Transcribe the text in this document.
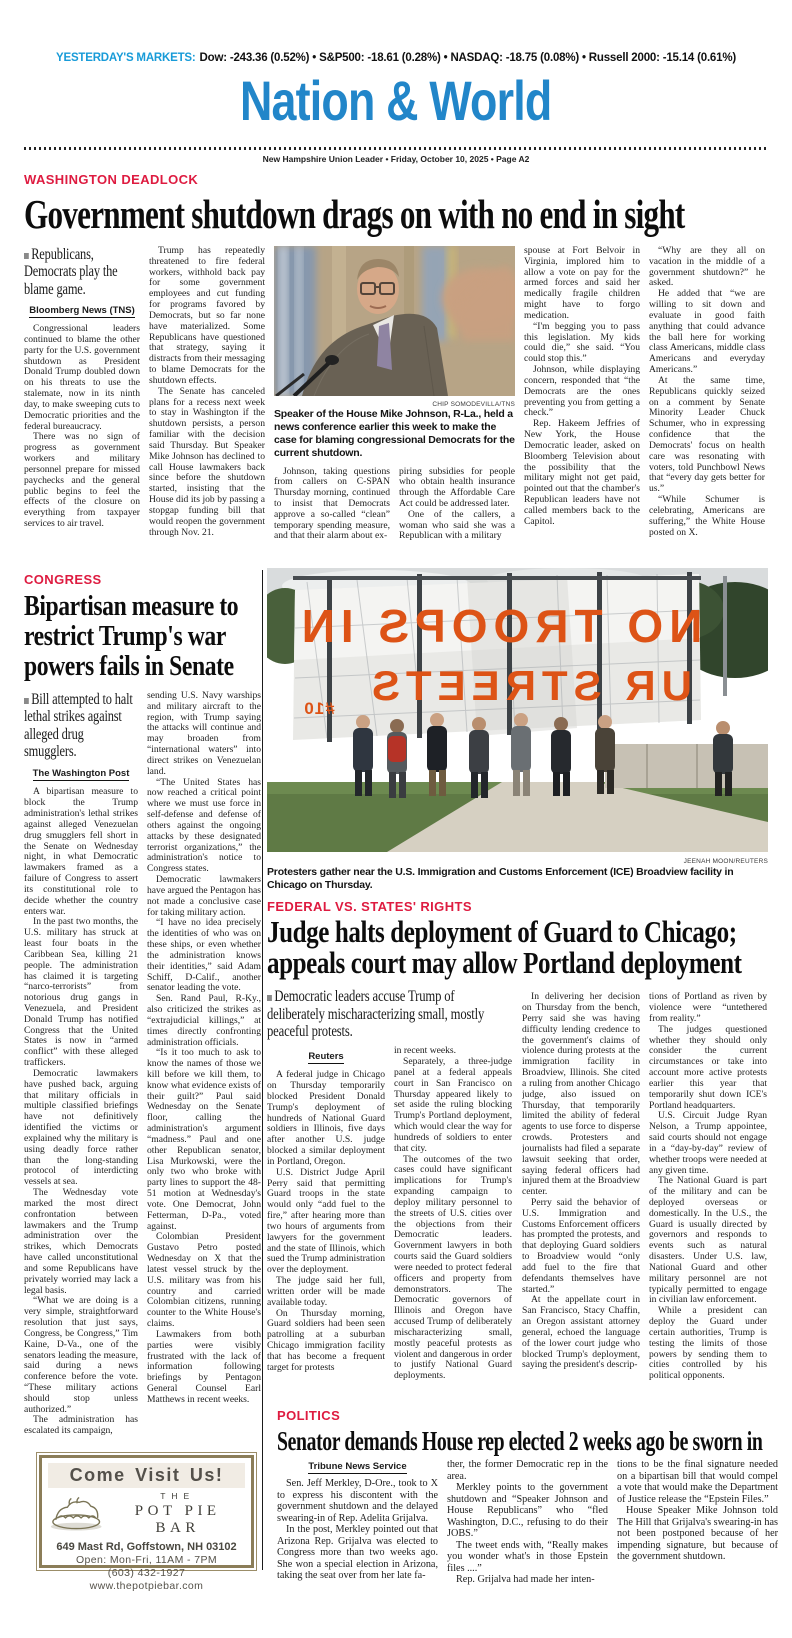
YESTERDAY'S MARKETS: Dow: -243.36 (0.52%) • S&P500: -18.61 (0.28%) • NASDAQ: -18.75 (0.08%) • Russell 2000: -15.14 (0.61%)
Nation & World
New Hampshire Union Leader • Friday, October 10, 2025 • Page A2
WASHINGTON DEADLOCK
Government shutdown drags on with no end in sight
Republicans, Democrats play the blame game.
Bloomberg News (TNS)

Congressional leaders continued to blame the other party for the U.S. government shutdown as President Donald Trump doubled down on his threats to use the stalemate, now in its ninth day, to make sweeping cuts to Democratic priorities and the federal bureaucracy.

There was no sign of progress as government workers and military personnel prepare for missed paychecks and the general public begins to feel the effects of the closure on everything from taxpayer services to air travel.

Trump has repeatedly threatened to fire federal workers, withhold back pay for some government employees and cut funding for programs favored by Democrats, but so far none have materialized. Some Republicans have questioned that strategy, saying it distracts from their messaging to blame Democrats for the shutdown effects.

The Senate has canceled plans for a recess next week to stay in Washington if the shutdown persists, a person familiar with the decision said Thursday. But Speaker Mike Johnson has declined to call House lawmakers back since before the shutdown started, insisting that the House did its job by passing a stopgap funding bill that would reopen the government through Nov. 21.

CHIP SOMODEVILLA/TNS
Speaker of the House Mike Johnson, R-La., held a news conference earlier this week to make the case for blaming congressional Democrats for the current shutdown.

Johnson, taking questions from callers on C-SPAN Thursday morning, continued to insist that Democrats approve a so-called “clean” temporary spending measure, and that their alarm about ex-

piring subsidies for people who obtain health insurance through the Affordable Care Act could be addressed later.

One of the callers, a woman who said she was a Republican with a military

spouse at Fort Belvoir in Virginia, implored him to allow a vote on pay for the armed forces and said her medically fragile children might have to forgo medication.

“I'm begging you to pass this legislation. My kids could die,” she said. “You could stop this.”

Johnson, while displaying concern, responded that “the Democrats are the ones preventing you from getting a check.”

Rep. Hakeem Jeffries of New York, the House Democratic leader, asked on Bloomberg Television about the possibility that the military might not get paid, pointed out that the chamber's Republican leaders have not called members back to the Capitol.

“Why are they all on vacation in the middle of a government shutdown?” he asked.

He added that “we are willing to sit down and evaluate in good faith anything that could advance the ball here for working class Americans, middle class Americans and everyday Americans.”

At the same time, Republicans quickly seized on a comment by Senate Minority Leader Chuck Schumer, who in expressing confidence that the Democrats' focus on health care was resonating with voters, told Punchbowl News that “every day gets better for us.”

“While Schumer is celebrating, Americans are suffering,” the White House posted on X.

CONGRESS
Bipartisan measure to restrict Trump's war powers fails in Senate
Bill attempted to halt lethal strikes against alleged drug smugglers.
The Washington Post

A bipartisan measure to block the Trump administration's lethal strikes against alleged Venezuelan drug smugglers fell short in the Senate on Wednesday night, in what Democratic lawmakers framed as a failure of Congress to assert its constitutional role to decide whether the country enters war.

In the past two months, the U.S. military has struck at least four boats in the Caribbean Sea, killing 21 people. The administration has claimed it is targeting “narco-terrorists” from notorious drug gangs in Venezuela, and President Donald Trump has notified Congress that the United States is now in “armed conflict” with these alleged traffickers.

Democratic lawmakers have pushed back, arguing that military officials in multiple classified briefings have not definitively identified the victims or explained why the military is using deadly force rather than the long-standing protocol of interdicting vessels at sea.

The Wednesday vote marked the most direct confrontation between lawmakers and the Trump administration over the strikes, which Democrats have called unconstitutional and some Republicans have privately worried may lack a legal basis.

“What we are doing is a very simple, straightforward resolution that just says, Congress, be Congress,” Tim Kaine, D-Va., one of the senators leading the measure, said during a news conference before the vote. “These military actions should stop unless authorized.”

The administration has escalated its campaign,

sending U.S. Navy warships and military aircraft to the region, with Trump saying the attacks will continue and may broaden from “international waters” into direct strikes on Venezuelan land.

“The United States has now reached a critical point where we must use force in self-defense and defense of others against the ongoing attacks by these designated terrorist organizations,” the administration's notice to Congress states.

Democratic lawmakers have argued the Pentagon has not made a conclusive case for taking military action.

“I have no idea precisely the identities of who was on these ships, or even whether the administration knows their identities,” said Adam Schiff, D-Calif., another senator leading the vote.

Sen. Rand Paul, R-Ky., also criticized the strikes as “extrajudicial killings,” at times directly confronting administration officials.

“Is it too much to ask to know the names of those we kill before we kill them, to know what evidence exists of their guilt?” Paul said Wednesday on the Senate floor, calling the administration's argument “madness.” Paul and one other Republican senator, Lisa Murkowski, were the only two who broke with party lines to support the 48-51 motion at Wednesday's vote. One Democrat, John Fetterman, D-Pa., voted against.

Colombian President Gustavo Petro posted Wednesday on X that the latest vessel struck by the U.S. military was from his country and carried Colombian citizens, running counter to the White House's claims.

Lawmakers from both parties were visibly frustrated with the lack of information following briefings by Pentagon General Counsel Earl Matthews in recent weeks.

NO TROOPS IN
UR STREETS
#10
JEENAH MOON/REUTERS
Protesters gather near the U.S. Immigration and Customs Enforcement (ICE) Broadview facility in Chicago on Thursday.
FEDERAL VS. STATES' RIGHTS
Judge halts deployment of Guard to Chicago; appeals court may allow Portland deployment
Democratic leaders accuse Trump of deliberately mischaracterizing small, mostly peaceful protests.
Reuters

A federal judge in Chicago on Thursday temporarily blocked President Donald Trump's deployment of hundreds of National Guard soldiers in Illinois, five days after another U.S. judge blocked a similar deployment in Portland, Oregon.

U.S. District Judge April Perry said that permitting Guard troops in the state would only “add fuel to the fire,” after hearing more than two hours of arguments from lawyers for the government and the state of Illinois, which sued the Trump administration over the deployment.

The judge said her full, written order will be made available today.

On Thursday morning, Guard soldiers had been seen patrolling at a suburban Chicago immigration facility that has become a frequent target for protests

in recent weeks.

Separately, a three-judge panel at a federal appeals court in San Francisco on Thursday appeared likely to set aside the ruling blocking Trump's Portland deployment, which would clear the way for hundreds of soldiers to enter that city.

The outcomes of the two cases could have significant implications for Trump's expanding campaign to deploy military personnel to the streets of U.S. cities over the objections from their Democratic leaders. Government lawyers in both courts said the Guard soldiers were needed to protect federal officers and property from demonstrators. The Democratic governors of Illinois and Oregon have accused Trump of deliberately mischaracterizing small, mostly peaceful protests as violent and dangerous in order to justify National Guard deployments.

In delivering her decision on Thursday from the bench, Perry said she was having difficulty lending credence to the government's claims of violence during protests at the immigration facility in Broadview, Illinois. She cited a ruling from another Chicago judge, also issued on Thursday, that temporarily limited the ability of federal agents to use force to disperse crowds. Protesters and journalists had filed a separate lawsuit seeking that order, saying federal officers had injured them at the Broadview center.

Perry said the behavior of U.S. Immigration and Customs Enforcement officers has prompted the protests, and that deploying Guard soldiers to Broadview would “only add fuel to the fire that defendants themselves have started.”

At the appellate court in San Francisco, Stacy Chaffin, an Oregon assistant attorney general, echoed the language of the lower court judge who blocked Trump's deployment, saying the president's descrip-

tions of Portland as riven by violence were “untethered from reality.”

The judges questioned whether they should only consider the current circumstances or take into account more active protests earlier this year that temporarily shut down ICE's Portland headquarters.

U.S. Circuit Judge Ryan Nelson, a Trump appointee, said courts should not engage in a “day-by-day” review of whether troops were needed at any given time.

The National Guard is part of the military and can be deployed overseas or domestically. In the U.S., the Guard is usually directed by governors and responds to events such as natural disasters. Under U.S. law, National Guard and other military personnel are not typically permitted to engage in civilian law enforcement.

While a president can deploy the Guard under certain authorities, Trump is testing the limits of those powers by sending them to cities controlled by his political opponents.

POLITICS
Senator demands House rep elected 2 weeks ago be sworn in
Tribune News Service

Sen. Jeff Merkley, D-Ore., took to X to express his discontent with the government shutdown and the delayed swearing-in of Rep. Adelita Grijalva.

In the post, Merkley pointed out that Arizona Rep. Grijalva was elected to Congress more than two weeks ago. She won a special election in Arizona, taking the seat over from her late fa-

ther, the former Democratic rep in the area.

Merkley points to the government shutdown and “Speaker Johnson and House Republicans” who “fled Washington, D.C., refusing to do their JOBS.”

The tweet ends with, “Really makes you wonder what's in those Epstein files ....”

Rep. Grijalva had made her inten-

tions to be the final signature needed on a bipartisan bill that would compel a vote that would make the Department of Justice release the “Epstein Files.”

House Speaker Mike Johnson told The Hill that Grijalva's swearing-in has not been postponed because of her impending signature, but because of the government shutdown.

Come Visit Us!
THE
POT PIE BAR
649 Mast Rd, Goffstown, NH 03102
Open: Mon-Fri, 11AM - 7PM
(603) 432-1927
www.thepotpiebar.com
